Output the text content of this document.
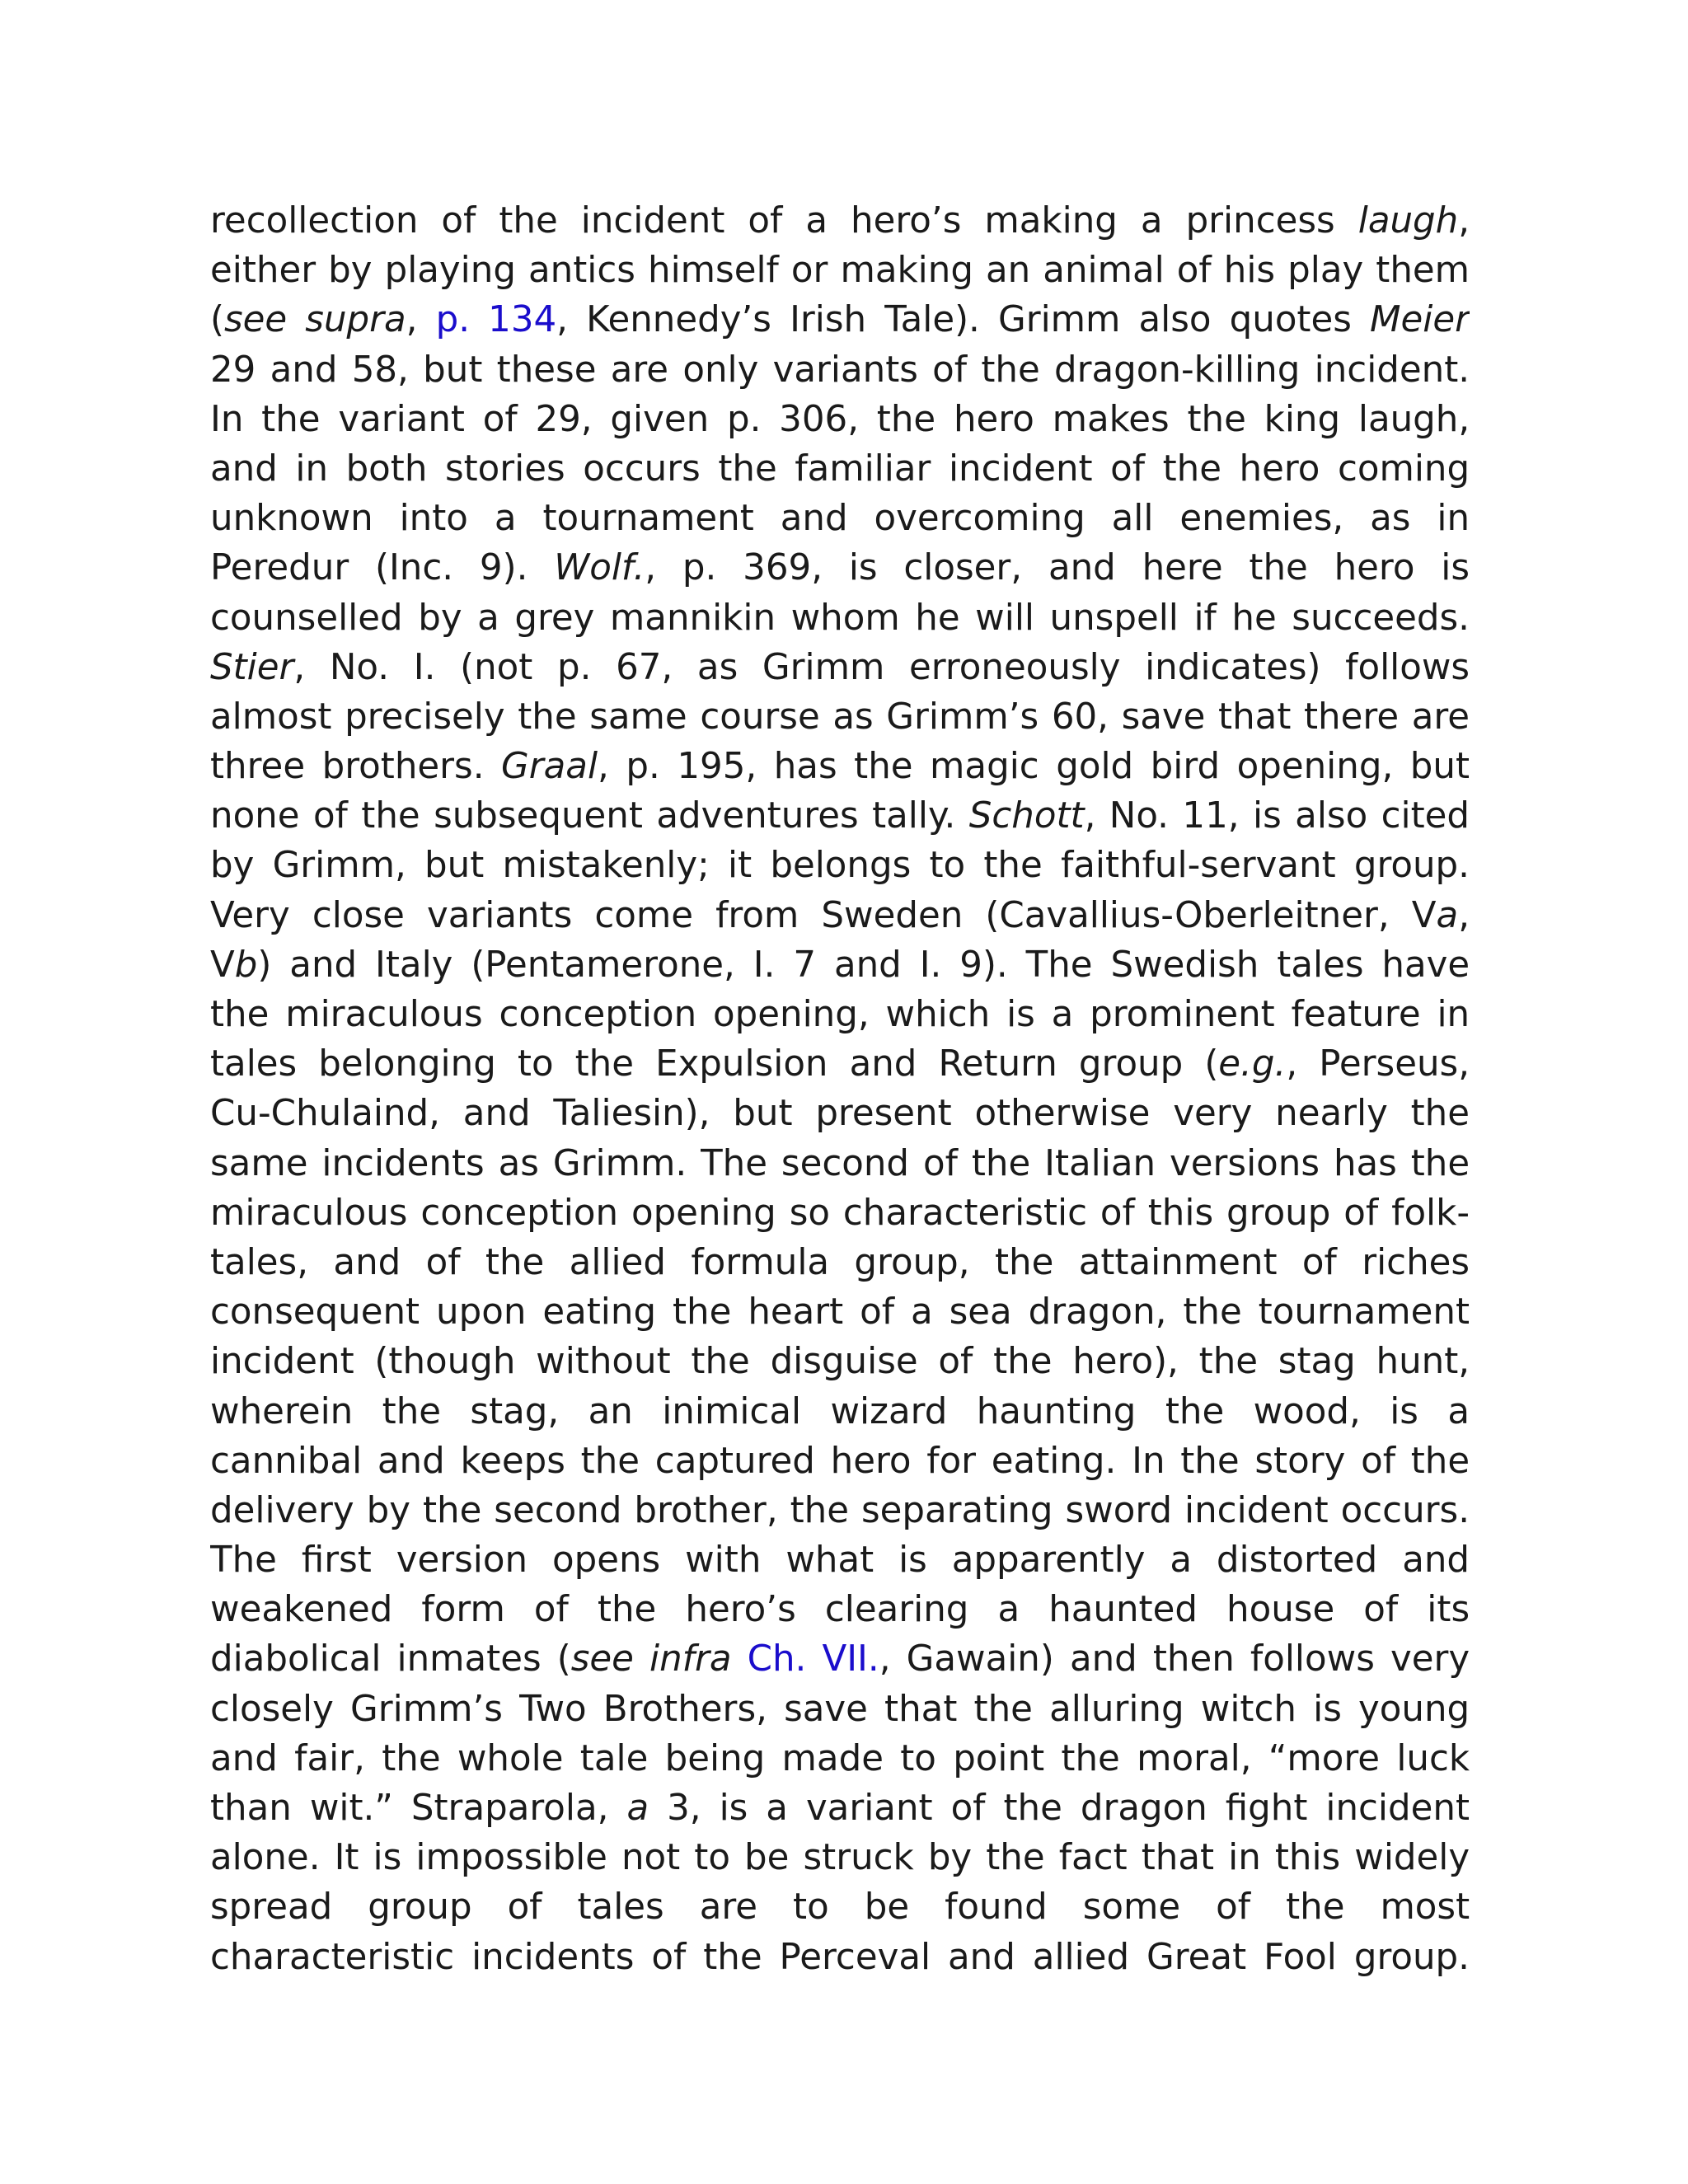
recollection of the incident of a hero’s making a princess laugh,
either by playing antics himself or making an animal of his play them
(see supra, p. 134, Kennedy’s Irish Tale). Grimm also quotes Meier
29 and 58, but these are only variants of the dragon-killing incident.
In the variant of 29, given p. 306, the hero makes the king laugh,
and in both stories occurs the familiar incident of the hero coming
unknown into a tournament and overcoming all enemies, as in
Peredur (Inc. 9). Wolf., p. 369, is closer, and here the hero is
counselled by a grey mannikin whom he will unspell if he succeeds.
Stier, No. I. (not p. 67, as Grimm erroneously indicates) follows
almost precisely the same course as Grimm’s 60, save that there are
three brothers. Graal, p. 195, has the magic gold bird opening, but
none of the subsequent adventures tally. Schott, No. 11, is also cited
by Grimm, but mistakenly; it belongs to the faithful-servant group.
Very close variants come from Sweden (Cavallius-Oberleitner, Va,
Vb) and Italy (Pentamerone, I. 7 and I. 9). The Swedish tales have
the miraculous conception opening, which is a prominent feature in
tales belonging to the Expulsion and Return group (e.g., Perseus,
Cu-Chulaind, and Taliesin), but present otherwise very nearly the
same incidents as Grimm. The second of the Italian versions has the
miraculous conception opening so characteristic of this group of folk-
tales, and of the allied formula group, the attainment of riches
consequent upon eating the heart of a sea dragon, the tournament
incident (though without the disguise of the hero), the stag hunt,
wherein the stag, an inimical wizard haunting the wood, is a
cannibal and keeps the captured hero for eating. In the story of the
delivery by the second brother, the separating sword incident occurs.
The first version opens with what is apparently a distorted and
weakened form of the hero’s clearing a haunted house of its
diabolical inmates (see infra Ch. VII., Gawain) and then follows very
closely Grimm’s Two Brothers, save that the alluring witch is young
and fair, the whole tale being made to point the moral, “more luck
than wit.” Straparola, a 3, is a variant of the dragon fight incident
alone. It is impossible not to be struck by the fact that in this widely
spread group of tales are to be found some of the most
characteristic incidents of the Perceval and allied Great Fool group.
